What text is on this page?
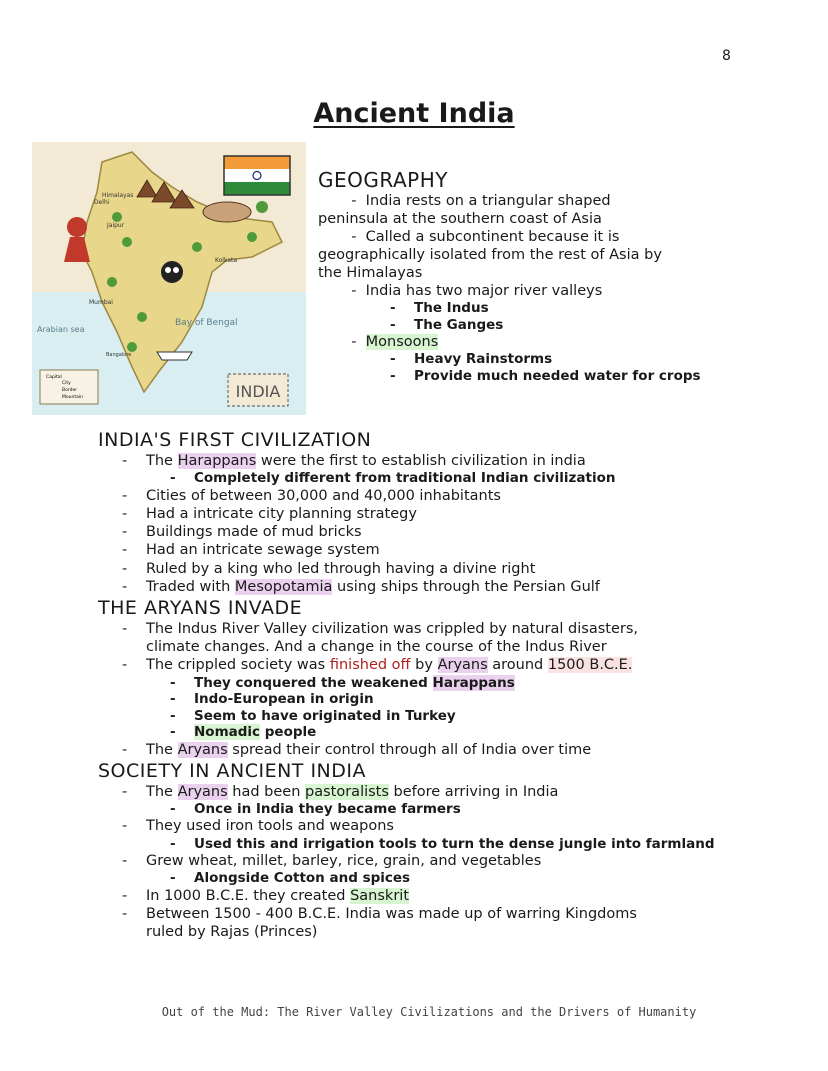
8
Ancient India
Himalayas
Delhi
Jaipur
Kolkata
Mumbai
Arabian sea
Bay of Bengal
Bangalore
Capital
City
Border
Mountain	INDIA
GEOGRAPHY
-  India rests on a triangular shaped
peninsula at the southern coast of Asia
-  Called a subcontinent because it is
geographically isolated from the rest of Asia by
the Himalayas
-  India has two major river valleys
- The Indus
- The Ganges
-  Monsoons
- Heavy Rainstorms
- Provide much needed water for crops
INDIA'S FIRST CIVILIZATION
- The Harappans were the first to establish civilization in india
- Completely different from traditional Indian civilization
- Cities of between 30,000 and 40,000 inhabitants
- Had a intricate city planning strategy
- Buildings made of mud bricks
- Had an intricate sewage system
- Ruled by a king who led through having a divine right
- Traded with Mesopotamia using ships through the Persian Gulf
THE ARYANS INVADE
- The Indus River Valley civilization was crippled by natural disasters,
climate changes. And a change in the course of the Indus River
- The crippled society was finished off by Aryans around 1500 B.C.E.
- They conquered the weakened Harappans
- Indo-European in origin
- Seem to have originated in Turkey
- Nomadic people
- The Aryans spread their control through all of India over time
SOCIETY IN ANCIENT INDIA
- The Aryans had been pastoralists before arriving in India
- Once in India they became farmers
- They used iron tools and weapons
- Used this and irrigation tools to turn the dense jungle into farmland
- Grew wheat, millet, barley, rice, grain, and vegetables
- Alongside Cotton and spices
- In 1000 B.C.E. they created Sanskrit
- Between 1500 - 400 B.C.E. India was made up of warring Kingdoms
ruled by Rajas (Princes)
Out of the Mud: The River Valley Civilizations and the Drivers of Humanity
